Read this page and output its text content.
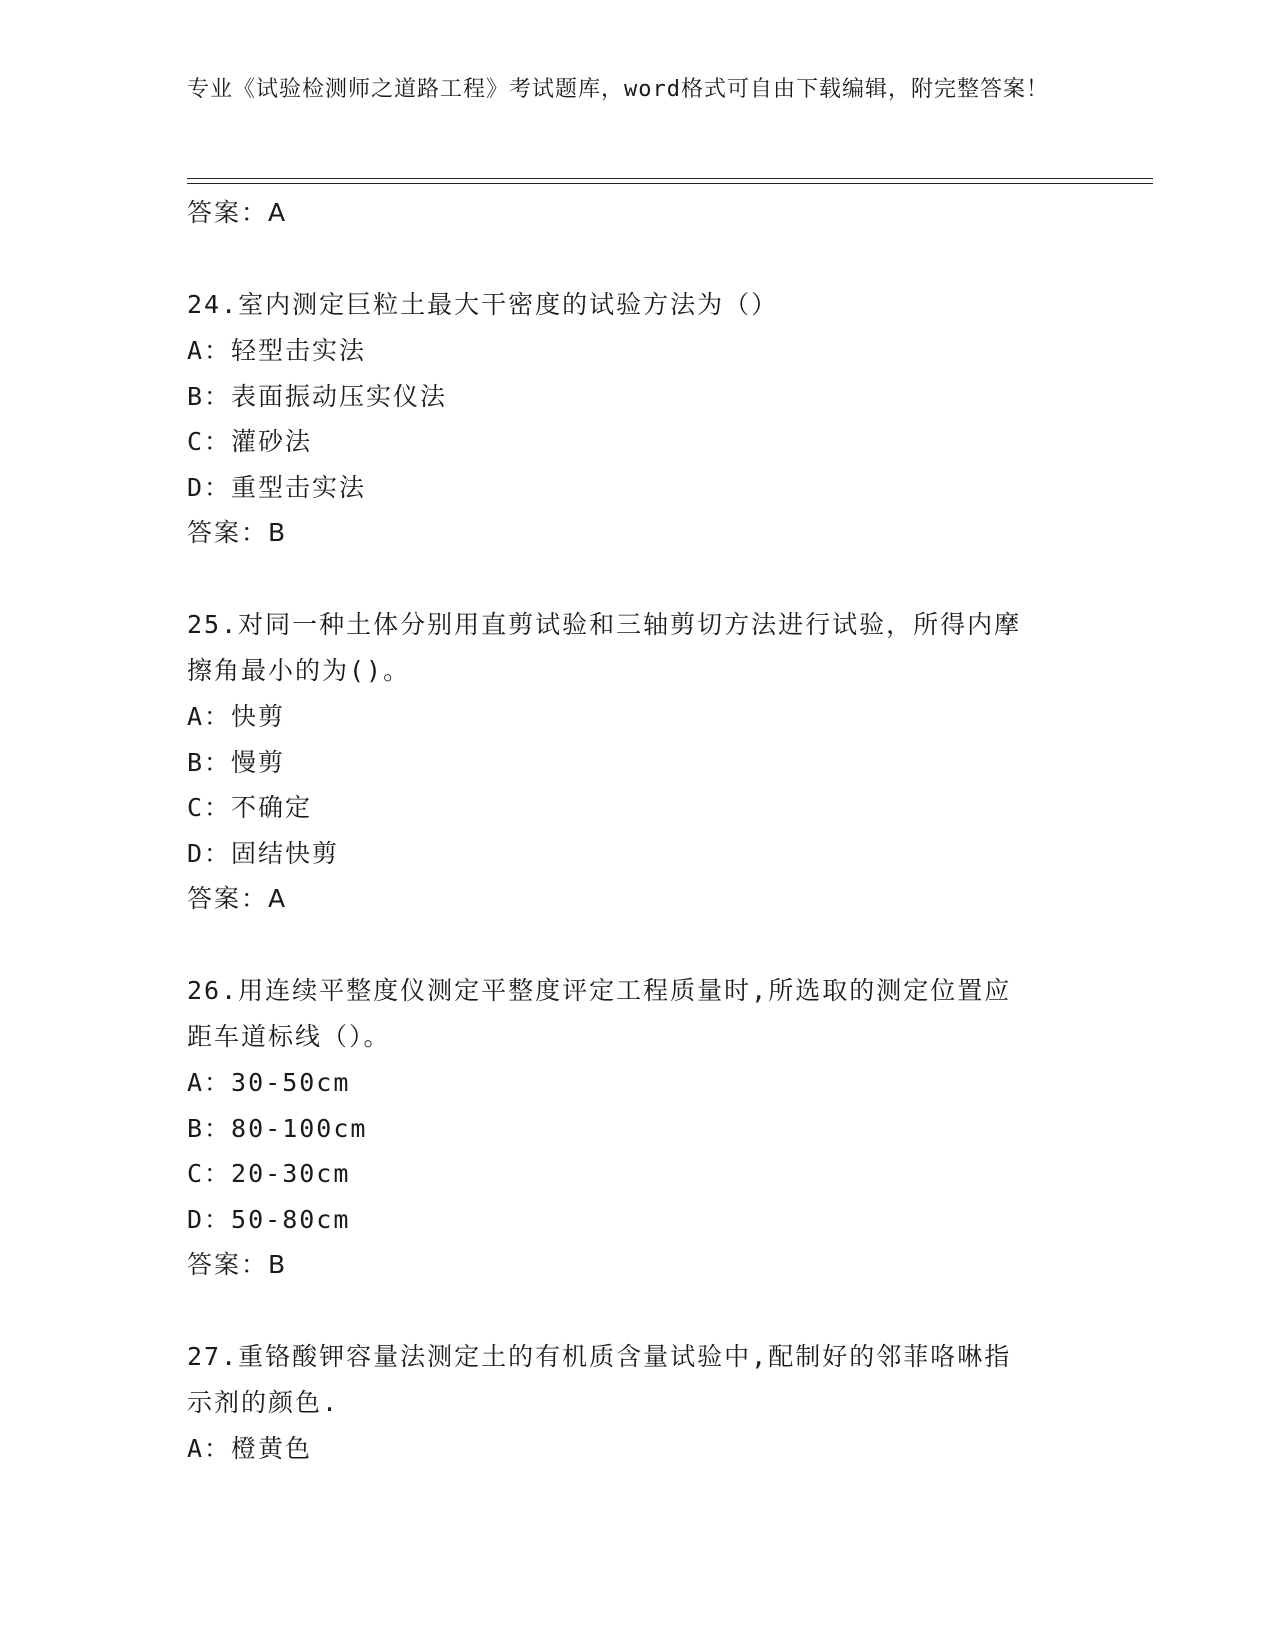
专业《试验检测师之道路工程》考试题库，word格式可自由下载编辑，附完整答案！

答案：A

24.室内测定巨粒土最大干密度的试验方法为（）

A：轻型击实法

B：表面振动压实仪法

C：灌砂法

D：重型击实法

答案：B

25.对同一种土体分别用直剪试验和三轴剪切方法进行试验，所得内摩擦角最小的为()。

A：快剪

B：慢剪

C：不确定

D：固结快剪

答案：A

26.用连续平整度仪测定平整度评定工程质量时,所选取的测定位置应距车道标线（）。

A：30-50cm

B：80-100cm

C：20-30cm

D：50-80cm

答案：B

27.重铬酸钾容量法测定土的有机质含量试验中,配制好的邻菲咯啉指示剂的颜色.

A：橙黄色
